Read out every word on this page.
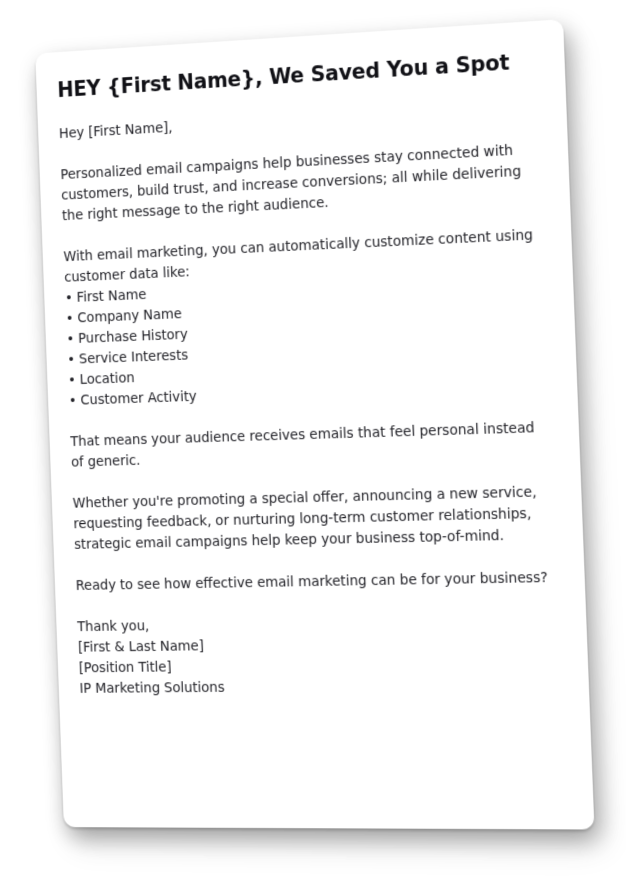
HEY {First Name}, We Saved You a Spot

Hey [First Name],

Personalized email campaigns help businesses stay connected with customers, build trust, and increase conversions; all while delivering the right message to the right audience.

With email marketing, you can automatically customize content using customer data like:
• First Name
• Company Name
• Purchase History
• Service Interests
• Location
• Customer Activity

That means your audience receives emails that feel personal instead of generic.

Whether you're promoting a special offer, announcing a new service, requesting feedback, or nurturing long-term customer relationships, strategic email campaigns help keep your business top-of-mind.

Ready to see how effective email marketing can be for your business?

Thank you,
[First & Last Name]
[Position Title]
IP Marketing Solutions
